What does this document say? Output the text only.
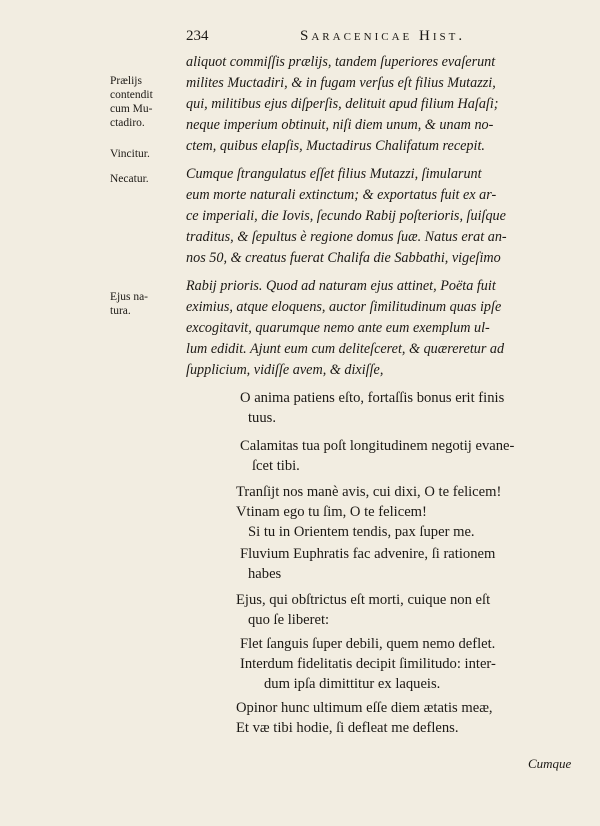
234	Saracenicae Hist.
Prælijs
contendit
cum Mu-
ctadiro.
Vincitur.
Necatur.
Ejus na-
tura.
aliquot commiſſis prælijs, tandem ſuperiores evaſerunt
milites Muctadiri, & in fugam verſus eſt filius Mutazzi,
qui, militibus ejus diſperſis, delituit apud filium Haſaſi;
neque imperium obtinuit, niſi diem unum, & unam no-
ctem, quibus elapſis, Muctadirus Chalifatum recepit.
Cumque ſtrangulatus eſſet filius Mutazzi, ſimularunt
eum morte naturali extinctum; & exportatus fuit ex ar-
ce imperiali, die Iovis, ſecundo Rabij poſterioris, ſuiſque
traditus, & ſepultus è regione domus ſuæ. Natus erat an-
nos 50, & creatus fuerat Chalifa die Sabbathi, vigeſimo
Rabij prioris. Quod ad naturam ejus attinet, Poëta fuit
eximius, atque eloquens, auctor ſimilitudinum quas ipſe
excogitavit, quarumque nemo ante eum exemplum ul-
lum edidit. Ajunt eum cum deliteſceret, & quæreretur ad
ſupplicium, vidiſſe avem, & dixiſſe,
O anima patiens eſto, fortaſſis bonus erit finis
tuus.
Calamitas tua poſt longitudinem negotij evane-
ſcet tibi.
Tranſijt nos manè avis, cui dixi, O te felicem!
Vtinam ego tu ſim, O te felicem!
Si tu in Orientem tendis, pax ſuper me.
Fluvium Euphratis fac advenire, ſi rationem
habes
Ejus, qui obſtrictus eſt morti, cuique non eſt
quo ſe liberet:
Flet ſanguis ſuper debili, quem nemo deflet.
Interdum fidelitatis decipit ſimilitudo: inter-
dum ipſa dimittitur ex laqueis.
Opinor hunc ultimum eſſe diem ætatis meæ,
Et væ tibi hodie, ſi defleat me deflens.
Cumque
